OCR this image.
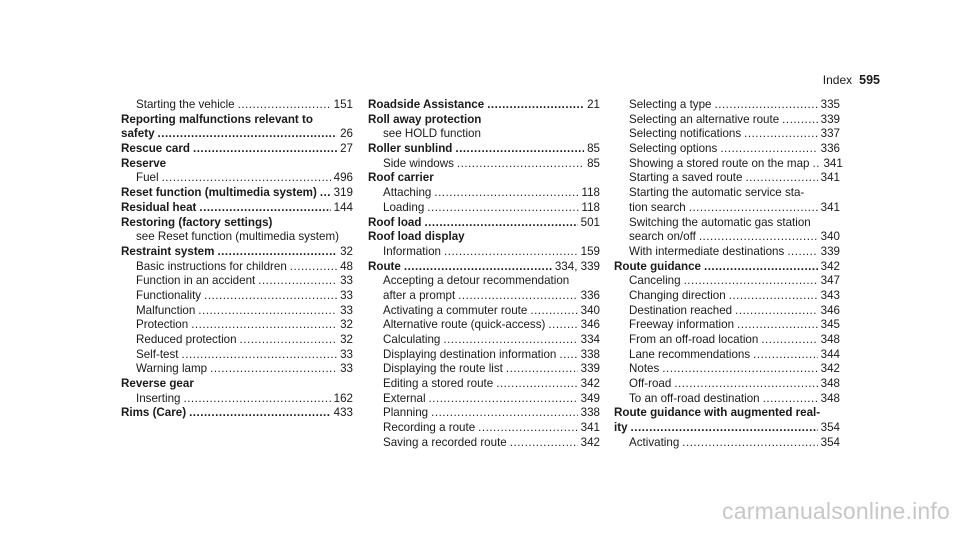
Index 595
Starting the vehicle .....	151
Reporting malfunctions relevant to
safety .....	26
Rescue card .....	27
Reserve
Fuel .....	496
Reset function (multimedia system) ..... 319
Residual heat .....	144
Restoring (factory settings)
see Reset function (multimedia system)
Restraint system .....	32
Basic instructions for children .....	48
Function in an accident .....	33
Functionality .....	33
Malfunction .....	33
Protection .....	32
Reduced protection .....	32
Self-test .....	33
Warning lamp .....	33
Reverse gear
Inserting .....	162
Rims (Care) .....	433
Roadside Assistance .....	21
Roll away protection
see HOLD function
Roller sunblind .....	85
Side windows .....	85
Roof carrier
Attaching .....	118
Loading .....	118
Roof load .....	501
Roof load display
Information .....	159
Route .....	334, 339
Accepting a detour recommendation
after a prompt .....	336
Activating a commuter route .....	340
Alternative route (quick-access) .....	346
Calculating .....	334
Displaying destination information ..... 338
Displaying the route list .....	339
Editing a stored route .....	342
External .....	349
Planning .....	338
Recording a route .....	341
Saving a recorded route .....	342
Selecting a type .....	335
Selecting an alternative route .....	339
Selecting notifications .....	337
Selecting options .....	336
Showing a stored route on the map ..... 341
Starting a saved route .....	341
Starting the automatic service sta-
tion search .....	341
Switching the automatic gas station
search on/off .....	340
With intermediate destinations .....	339
Route guidance .....	342
Canceling .....	347
Changing direction .....	343
Destination reached .....	346
Freeway information .....	345
From an off-road location .....	348
Lane recommendations .....	344
Notes .....	342
Off-road .....	348
To an off-road destination .....	348
Route guidance with augmented real-
ity .....	354
Activating .....	354
carmanualsonline.info
